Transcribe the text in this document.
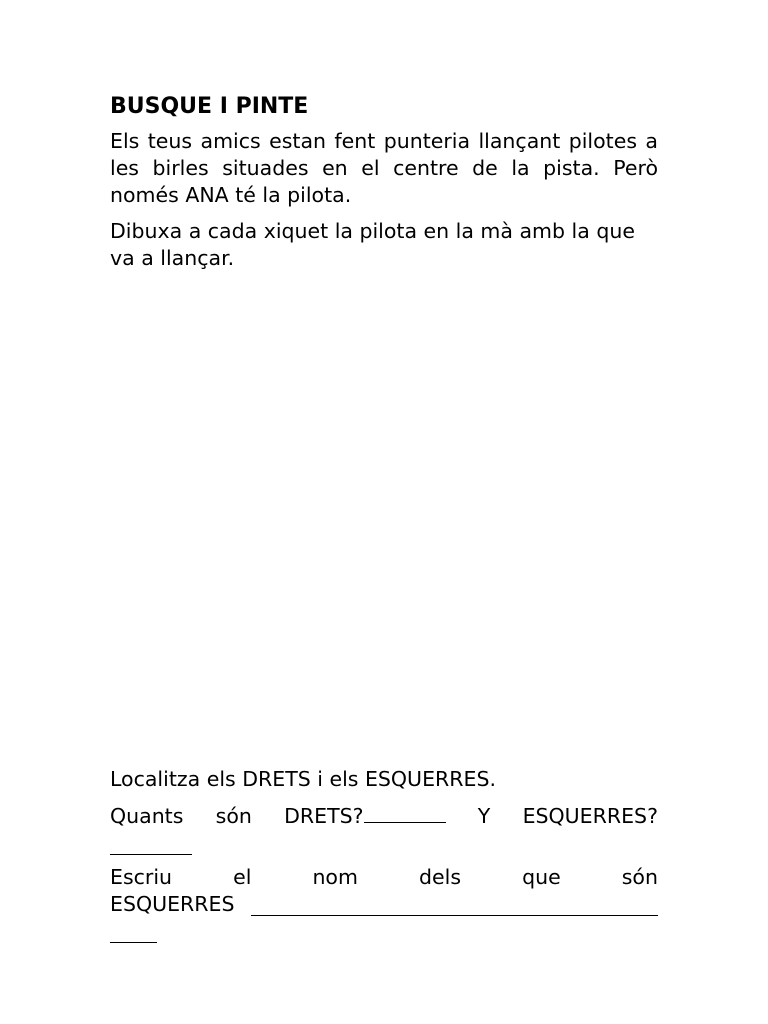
BUSQUE I PINTE

Els teus amics estan fent punteria llançant pilotes a les birles situades en el centre de la pista. Però només ANA té la pilota.

Dibuxa a cada xiquet la pilota en la mà amb la que va a llançar.

Localitza els DRETS i els ESQUERRES.

Quants són DRETS?	Y ESQUERRES?
Escriu	el	nom	dels	que	són
ESQUERRES
